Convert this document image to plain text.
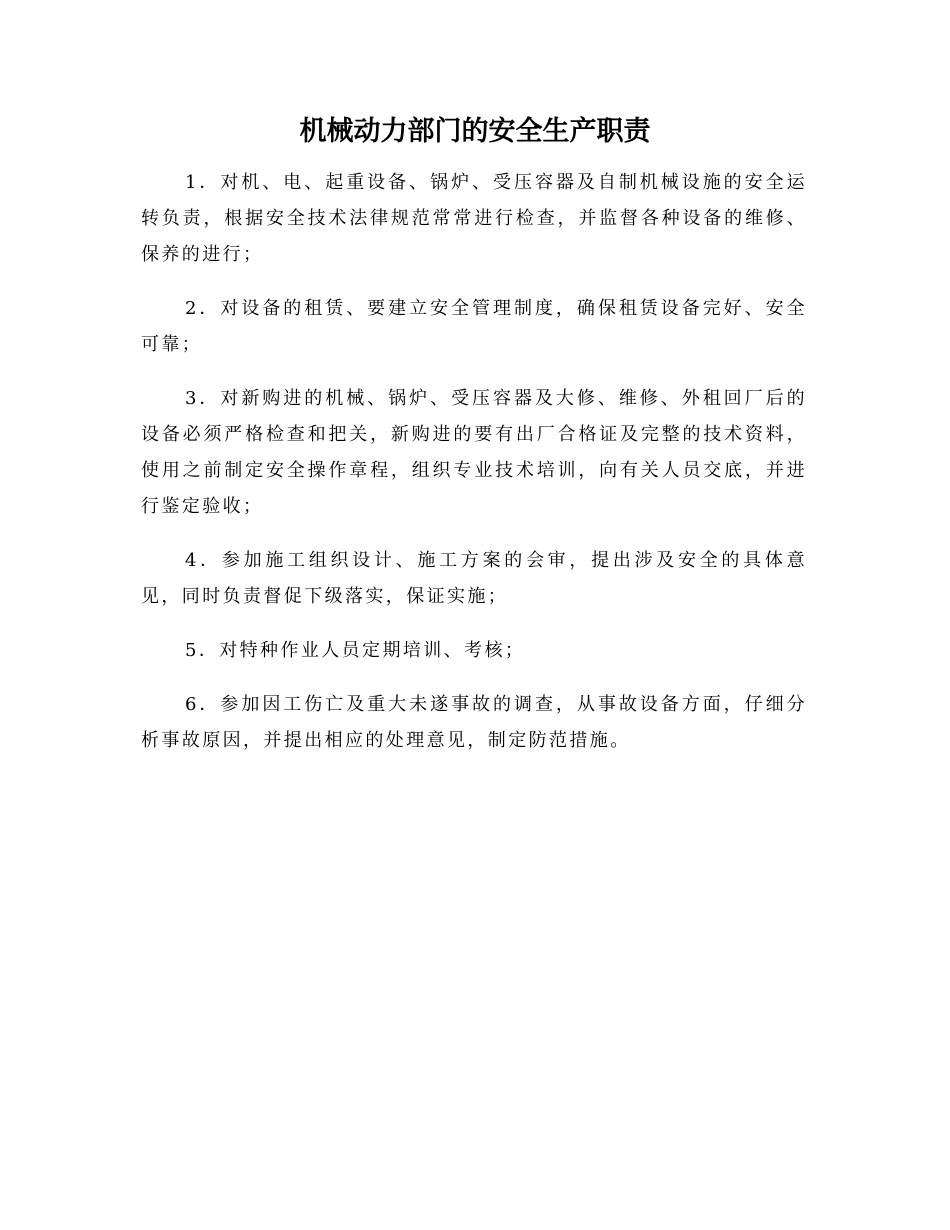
机械动力部门的安全生产职责

1．对机、电、起重设备、锅炉、受压容器及自制机械设施的安全运转负责，根据安全技术法律规范常常进行检查，并监督各种设备的维修、保养的进行；

2．对设备的租赁、要建立安全管理制度，确保租赁设备完好、安全可靠；

3．对新购进的机械、锅炉、受压容器及大修、维修、外租回厂后的设备必须严格检查和把关，新购进的要有出厂合格证及完整的技术资料，使用之前制定安全操作章程，组织专业技术培训，向有关人员交底，并进行鉴定验收；

4．参加施工组织设计、施工方案的会审，提出涉及安全的具体意见，同时负责督促下级落实，保证实施；

5．对特种作业人员定期培训、考核；

6．参加因工伤亡及重大未遂事故的调查，从事故设备方面，仔细分析事故原因，并提出相应的处理意见，制定防范措施。
